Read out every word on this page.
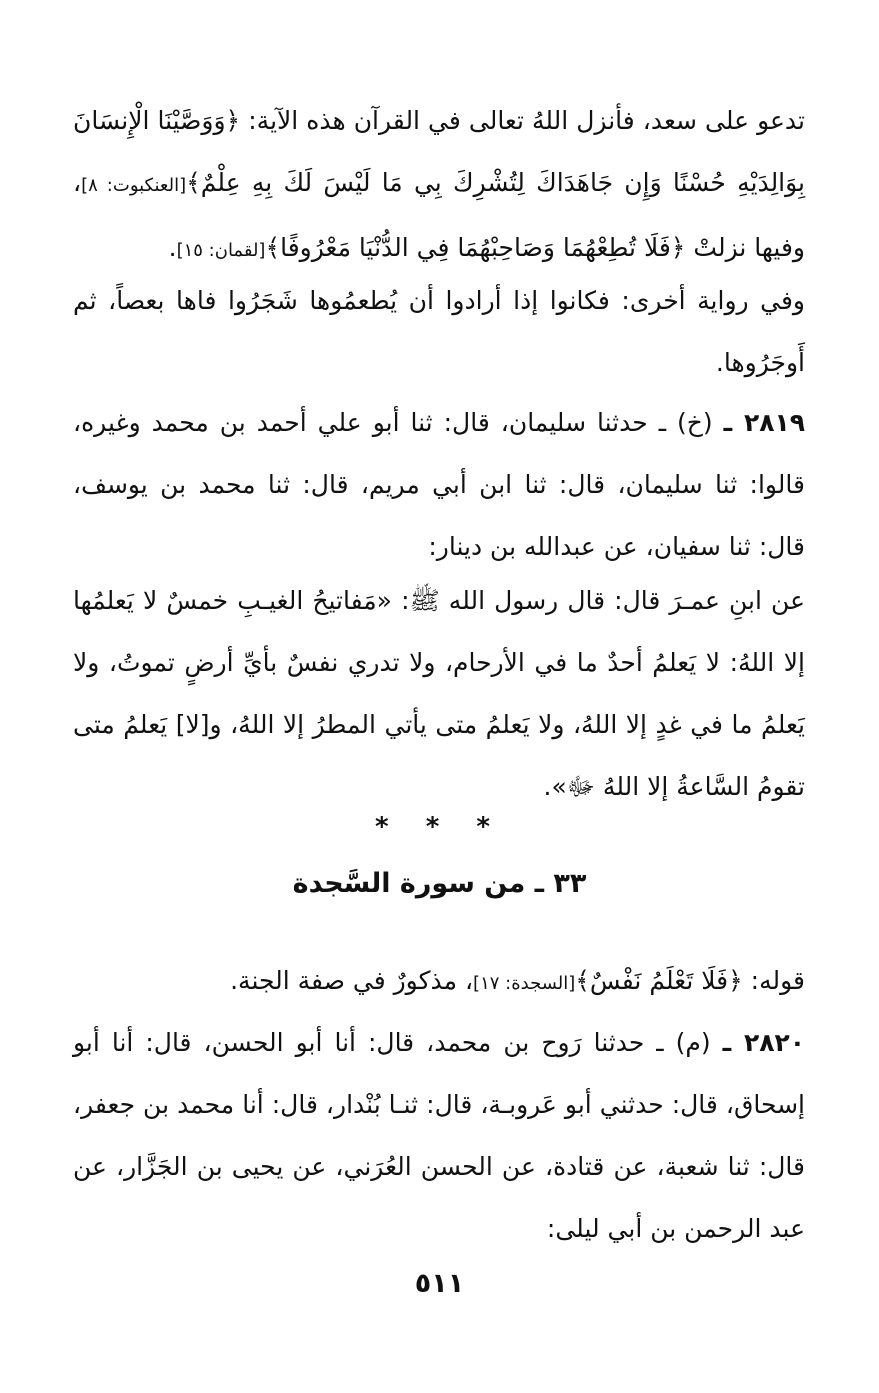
تدعو على سعد، فأنزل اللهُ تعالى في القرآن هذه الآية: ﴿وَوَصَّيْنَا الْإِنسَانَ بِوَالِدَيْهِ حُسْنًا وَإِن جَاهَدَاكَ لِتُشْرِكَ بِي مَا لَيْسَ لَكَ بِهِ عِلْمٌ﴾[العنكبوت: ٨]، وفيها نزلتْ ﴿فَلَا تُطِعْهُمَا وَصَاحِبْهُمَا فِي الدُّنْيَا مَعْرُوفًا﴾[لقمان: ١٥].

وفي رواية أخرى: فكانوا إذا أرادوا أن يُطعمُوها شَجَرُوا فاها بعصاً، ثم أَوجَرُوها.

٢٨١٩ ـ (خ) ـ حدثنا سليمان، قال: ثنا أبو علي أحمد بن محمد وغيره، قالوا: ثنا سليمان، قال: ثنا ابن أبي مريم، قال: ثنا محمد بن يوسف، قال: ثنا سفيان، عن عبدالله بن دينار:

عن ابنِ عمـرَ قال: قال رسول الله ﷺ: «مَفاتيحُ الغيـبِ خمسٌ لا يَعلمُها إلا اللهُ: لا يَعلمُ أحدٌ ما في الأرحام، ولا تدري نفسٌ بأيِّ أرضٍ تموتُ، ولا يَعلمُ ما في غدٍ إلا اللهُ، ولا يَعلمُ متى يأتي المطرُ إلا اللهُ، و[لا] يَعلمُ متى تقومُ السَّاعةُ إلا اللهُ ﷻ».

* * *
٣٣ ـ من سورة السَّجدة

قوله: ﴿فَلَا تَعْلَمُ نَفْسٌ﴾[السجدة: ١٧]، مذكورٌ في صفة الجنة.

٢٨٢٠ ـ (م) ـ حدثنا رَوح بن محمد، قال: أنا أبو الحسن، قال: أنا أبو إسحاق، قال: حدثني أبو عَروبـة، قال: ثنـا بُنْدار، قال: أنا محمد بن جعفر، قال: ثنا شعبة، عن قتادة، عن الحسن العُرَني، عن يحيى بن الجَزَّار، عن عبد الرحمن بن أبي ليلى:

٥١١
